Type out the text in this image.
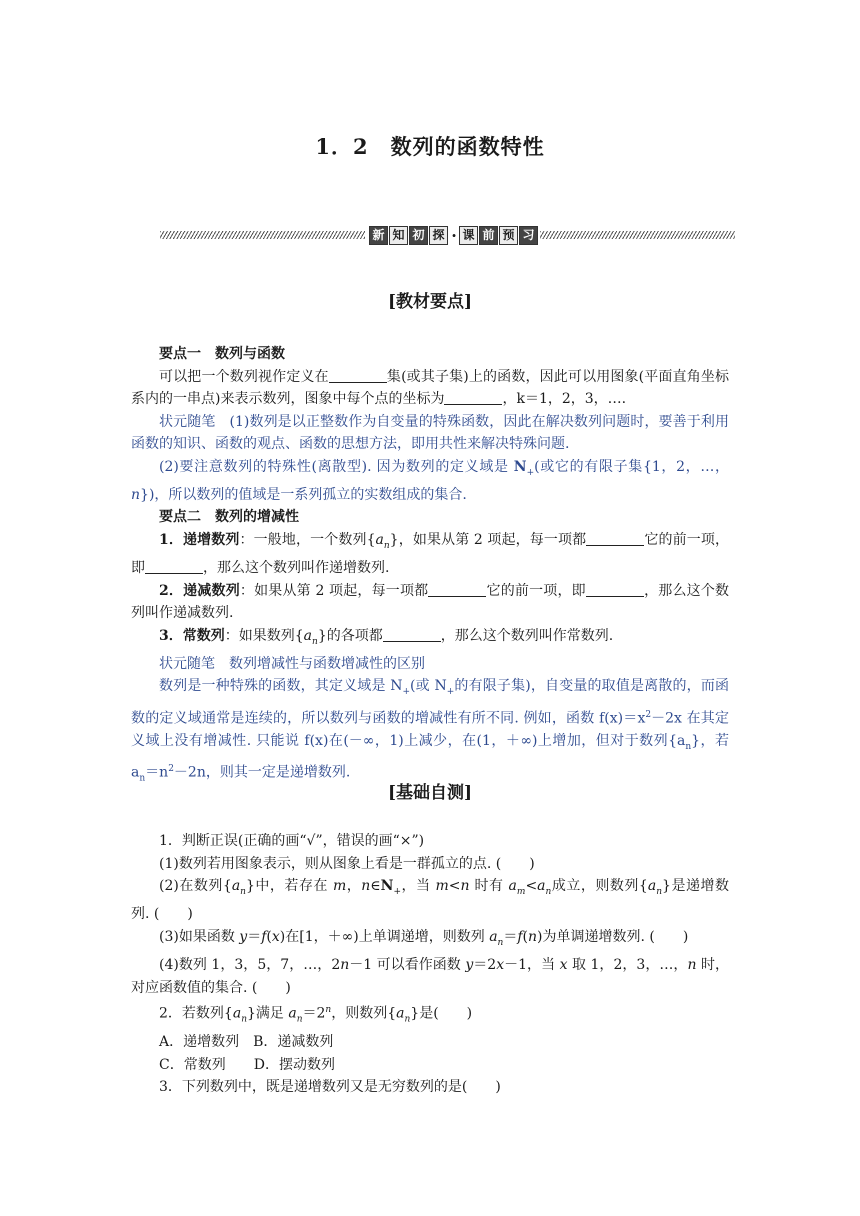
1．2　数列的函数特性
新 知 初 探 · 课 前 预 习
[教材要点]

要点一　数列与函数

可以把一个数列视作定义在	集(或其子集)上的函数，因此可以用图象(平面直角坐标系内的一串点)来表示数列，图象中每个点的坐标为	，k＝1，2，3，….

状元随笔　(1)数列是以正整数作为自变量的特殊函数，因此在解决数列问题时，要善于利用函数的知识、函数的观点、函数的思想方法，即用共性来解决特殊问题.

(2)要注意数列的特殊性(离散型). 因为数列的定义域是 $N_+$(或它的有限子集{1，2，…，n})，所以数列的值域是一系列孤立的实数组成的集合.

要点二　数列的增减性

1．递增数列：一般地，一个数列$\{a_n\}$，如果从第 2 项起，每一项都	它的前一项，即	，那么这个数列叫作递增数列.

2．递减数列：如果从第 2 项起，每一项都	它的前一项，即	，那么这个数列叫作递减数列.

3．常数列：如果数列$\{a_n\}$的各项都	，那么这个数列叫作常数列.

状元随笔　数列增减性与函数增减性的区别

数列是一种特殊的函数，其定义域是 $N_+$(或 $N_+$的有限子集)，自变量的取值是离散的，而函数的定义域通常是连续的，所以数列与函数的增减性有所不同. 例如，函数 $f(x)=x^2-2x$ 在其定义域上没有增减性. 只能说 f(x)在(－∞，1)上减少，在(1，＋∞)上增加，但对于数列$\{a_n\}$，若 $a_n=n^2-2n$，则其一定是递增数列.

[基础自测]

1．判断正误(正确的画“√”，错误的画“×”)

(1)数列若用图象表示，则从图象上看是一群孤立的点. (　　)

(2)在数列$\{a_n\}$中，若存在 m，$n\in N_+$，当 m<n 时有 $a_m<a_n$成立，则数列$\{a_n\}$是递增数列. (　　)

(3)如果函数 y＝f(x)在[1，＋∞)上单调递增，则数列 $a_n=f(n)$为单调递增数列. (　　)

(4)数列 1，3，5，7，…，2n－1 可以看作函数 y＝2x－1，当 x 取 1，2，3，…，n 时，对应函数值的集合. (　　)

2．若数列$\{a_n\}$满足 $a_n=2^n$，则数列$\{a_n\}$是(　　)

A．递增数列　 B．递减数列

C．常数列　　 D．摆动数列

3．下列数列中，既是递增数列又是无穷数列的是(　　)
